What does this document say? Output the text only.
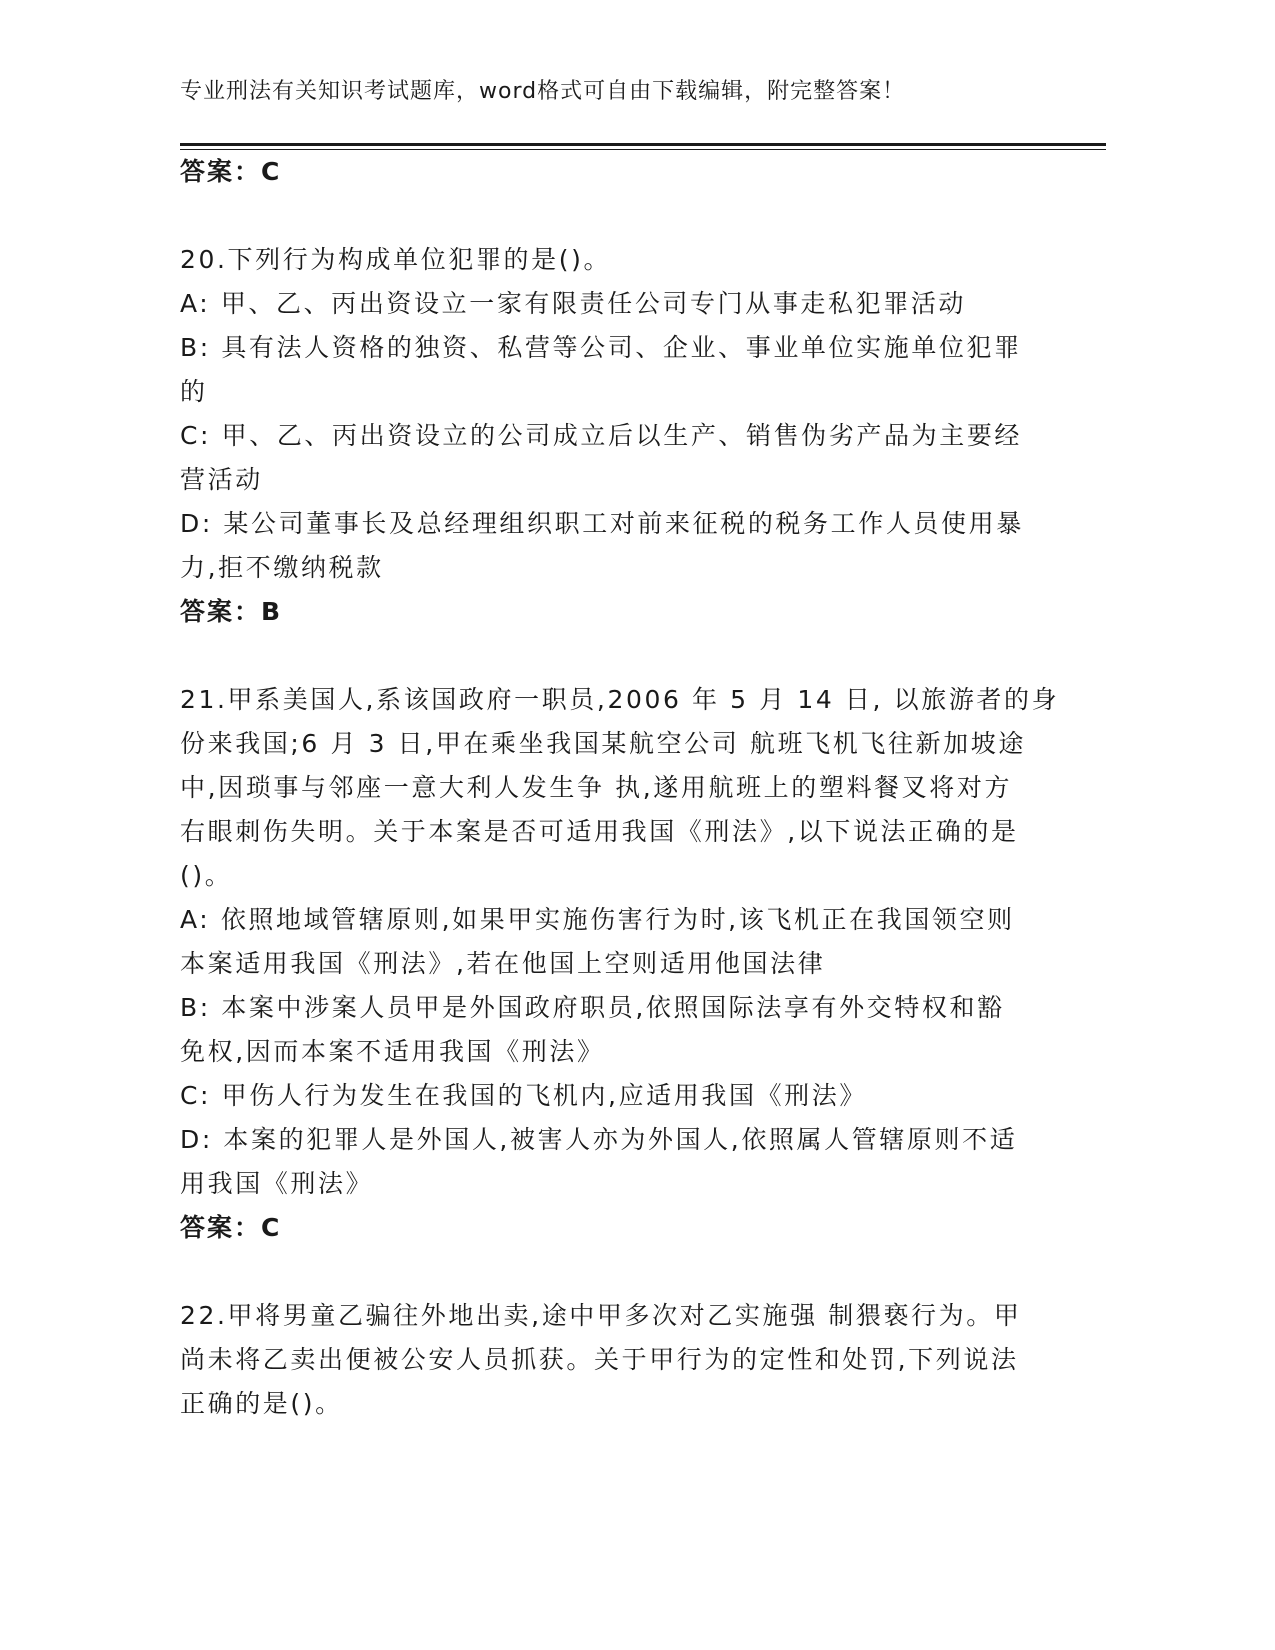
专业刑法有关知识考试题库，word格式可自由下载编辑，附完整答案！
答案：C
20.下列行为构成单位犯罪的是()。
A: 甲、乙、丙出资设立一家有限责任公司专门从事走私犯罪活动
B: 具有法人资格的独资、私营等公司、企业、事业单位实施单位犯罪
的
C: 甲、乙、丙出资设立的公司成立后以生产、销售伪劣产品为主要经
营活动
D: 某公司董事长及总经理组织职工对前来征税的税务工作人员使用暴
力,拒不缴纳税款
答案：B
21.甲系美国人,系该国政府一职员,2006 年 5 月 14 日, 以旅游者的身
份来我国;6 月 3 日,甲在乘坐我国某航空公司 航班飞机飞往新加坡途
中,因琐事与邻座一意大利人发生争 执,遂用航班上的塑料餐叉将对方
右眼刺伤失明。关于本案是否可适用我国《刑法》,以下说法正确的是
()。
A: 依照地域管辖原则,如果甲实施伤害行为时,该飞机正在我国领空则
本案适用我国《刑法》,若在他国上空则适用他国法律
B: 本案中涉案人员甲是外国政府职员,依照国际法享有外交特权和豁
免权,因而本案不适用我国《刑法》
C: 甲伤人行为发生在我国的飞机内,应适用我国《刑法》
D: 本案的犯罪人是外国人,被害人亦为外国人,依照属人管辖原则不适
用我国《刑法》
答案：C
22.甲将男童乙骗往外地出卖,途中甲多次对乙实施强 制猥亵行为。甲
尚未将乙卖出便被公安人员抓获。关于甲行为的定性和处罚,下列说法
正确的是()。
